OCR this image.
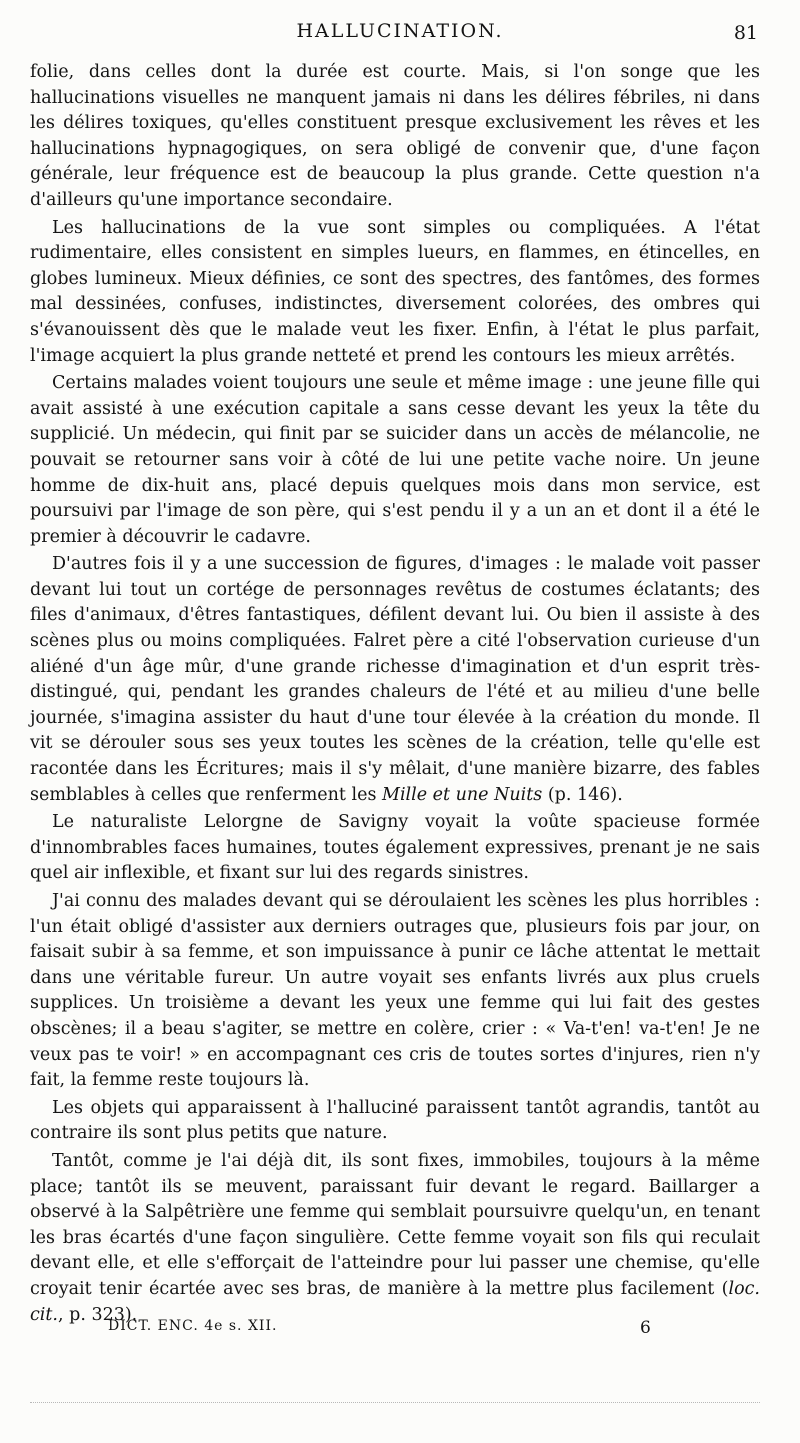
HALLUCINATION.	81

folie, dans celles dont la durée est courte. Mais, si l'on songe que les hallucinations visuelles ne manquent jamais ni dans les délires fébriles, ni dans les délires toxiques, qu'elles constituent presque exclusivement les rêves et les hallucinations hypnagogiques, on sera obligé de convenir que, d'une façon générale, leur fréquence est de beaucoup la plus grande. Cette question n'a d'ailleurs qu'une importance secondaire.

Les hallucinations de la vue sont simples ou compliquées. A l'état rudimentaire, elles consistent en simples lueurs, en flammes, en étincelles, en globes lumineux. Mieux définies, ce sont des spectres, des fantômes, des formes mal dessinées, confuses, indistinctes, diversement colorées, des ombres qui s'évanouissent dès que le malade veut les fixer. Enfin, à l'état le plus parfait, l'image acquiert la plus grande netteté et prend les contours les mieux arrêtés.

Certains malades voient toujours une seule et même image : une jeune fille qui avait assisté à une exécution capitale a sans cesse devant les yeux la tête du supplicié. Un médecin, qui finit par se suicider dans un accès de mélancolie, ne pouvait se retourner sans voir à côté de lui une petite vache noire. Un jeune homme de dix-huit ans, placé depuis quelques mois dans mon service, est poursuivi par l'image de son père, qui s'est pendu il y a un an et dont il a été le premier à découvrir le cadavre.

D'autres fois il y a une succession de figures, d'images : le malade voit passer devant lui tout un cortége de personnages revêtus de costumes éclatants; des files d'animaux, d'êtres fantastiques, défilent devant lui. Ou bien il assiste à des scènes plus ou moins compliquées. Falret père a cité l'observation curieuse d'un aliéné d'un âge mûr, d'une grande richesse d'imagination et d'un esprit très-distingué, qui, pendant les grandes chaleurs de l'été et au milieu d'une belle journée, s'imagina assister du haut d'une tour élevée à la création du monde. Il vit se dérouler sous ses yeux toutes les scènes de la création, telle qu'elle est racontée dans les Écritures; mais il s'y mêlait, d'une manière bizarre, des fables semblables à celles que renferment les Mille et une Nuits (p. 146).

Le naturaliste Lelorgne de Savigny voyait la voûte spacieuse formée d'innombrables faces humaines, toutes également expressives, prenant je ne sais quel air inflexible, et fixant sur lui des regards sinistres.

J'ai connu des malades devant qui se déroulaient les scènes les plus horribles : l'un était obligé d'assister aux derniers outrages que, plusieurs fois par jour, on faisait subir à sa femme, et son impuissance à punir ce lâche attentat le mettait dans une véritable fureur. Un autre voyait ses enfants livrés aux plus cruels supplices. Un troisième a devant les yeux une femme qui lui fait des gestes obscènes; il a beau s'agiter, se mettre en colère, crier : « Va-t'en! va-t'en! Je ne veux pas te voir! » en accompagnant ces cris de toutes sortes d'injures, rien n'y fait, la femme reste toujours là.

Les objets qui apparaissent à l'halluciné paraissent tantôt agrandis, tantôt au contraire ils sont plus petits que nature.

Tantôt, comme je l'ai déjà dit, ils sont fixes, immobiles, toujours à la même place; tantôt ils se meuvent, paraissant fuir devant le regard. Baillarger a observé à la Salpêtrière une femme qui semblait poursuivre quelqu'un, en tenant les bras écartés d'une façon singulière. Cette femme voyait son fils qui reculait devant elle, et elle s'efforçait de l'atteindre pour lui passer une chemise, qu'elle croyait tenir écartée avec ses bras, de manière à la mettre plus facilement (loc. cit., p. 323).

DICT. ENC. 4e s. XII.	6
